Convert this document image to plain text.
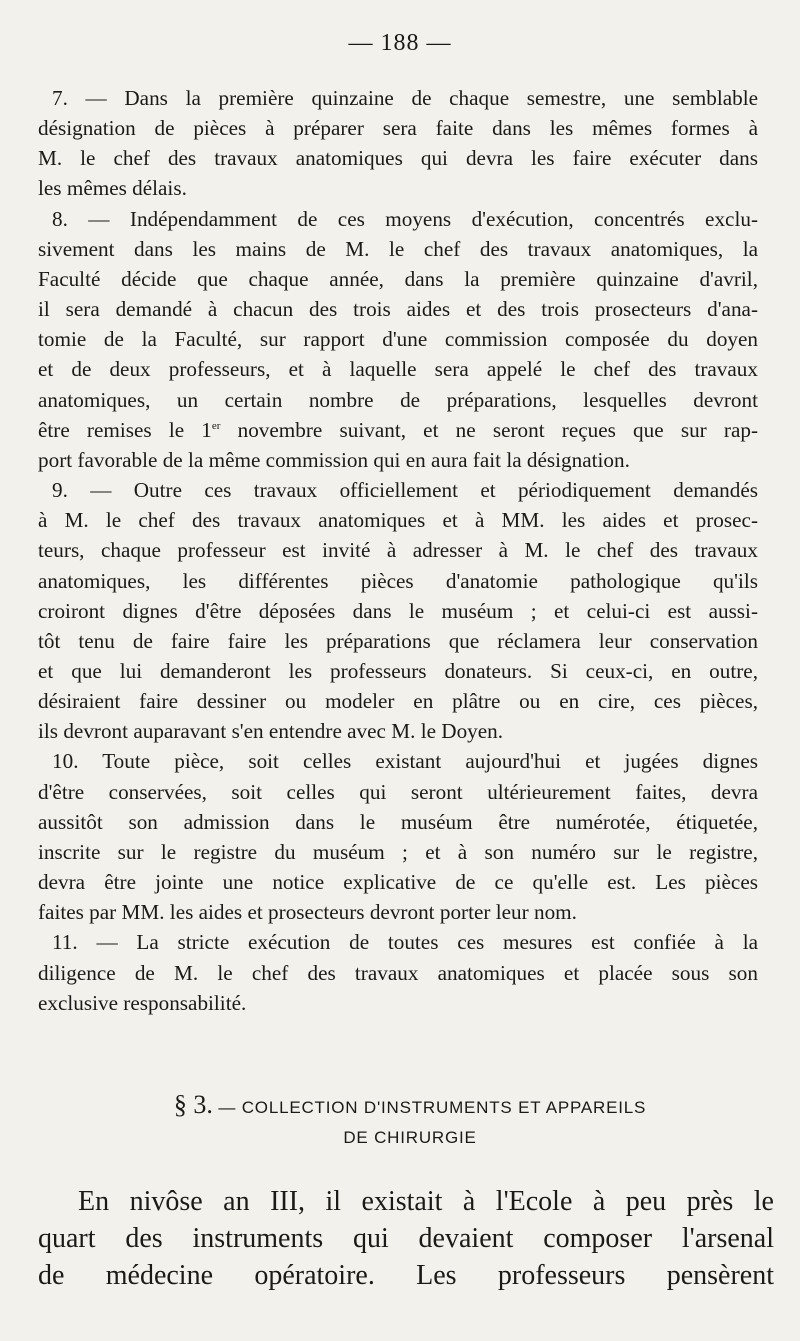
— 188 —
7. — Dans la première quinzaine de chaque semestre, une semblable
désignation de pièces à préparer sera faite dans les mêmes formes à
M. le chef des travaux anatomiques qui devra les faire exécuter dans
les mêmes délais.
8. — Indépendamment de ces moyens d'exécution, concentrés exclu-
sivement dans les mains de M. le chef des travaux anatomiques, la
Faculté décide que chaque année, dans la première quinzaine d'avril,
il sera demandé à chacun des trois aides et des trois prosecteurs d'ana-
tomie de la Faculté, sur rapport d'une commission composée du doyen
et de deux professeurs, et à laquelle sera appelé le chef des travaux
anatomiques, un certain nombre de préparations, lesquelles devront
être remises le 1er novembre suivant, et ne seront reçues que sur rap-
port favorable de la même commission qui en aura fait la désignation.
9. — Outre ces travaux officiellement et périodiquement demandés
à M. le chef des travaux anatomiques et à MM. les aides et prosec-
teurs, chaque professeur est invité à adresser à M. le chef des travaux
anatomiques, les différentes pièces d'anatomie pathologique qu'ils
croiront dignes d'être déposées dans le muséum ; et celui-ci est aussi-
tôt tenu de faire faire les préparations que réclamera leur conservation
et que lui demanderont les professeurs donateurs. Si ceux-ci, en outre,
désiraient faire dessiner ou modeler en plâtre ou en cire, ces pièces,
ils devront auparavant s'en entendre avec M. le Doyen.
10. Toute pièce, soit celles existant aujourd'hui et jugées dignes
d'être conservées, soit celles qui seront ultérieurement faites, devra
aussitôt son admission dans le muséum être numérotée, étiquetée,
inscrite sur le registre du muséum ; et à son numéro sur le registre,
devra être jointe une notice explicative de ce qu'elle est. Les pièces
faites par MM. les aides et prosecteurs devront porter leur nom.
11. — La stricte exécution de toutes ces mesures est confiée à la
diligence de M. le chef des travaux anatomiques et placée sous son
exclusive responsabilité.
§ 3. — COLLECTION D'INSTRUMENTS ET APPAREILS
DE CHIRURGIE
En nivôse an III, il existait à l'Ecole à peu près le
quart des instruments qui devaient composer l'arsenal
de médecine opératoire. Les professeurs pensèrent
